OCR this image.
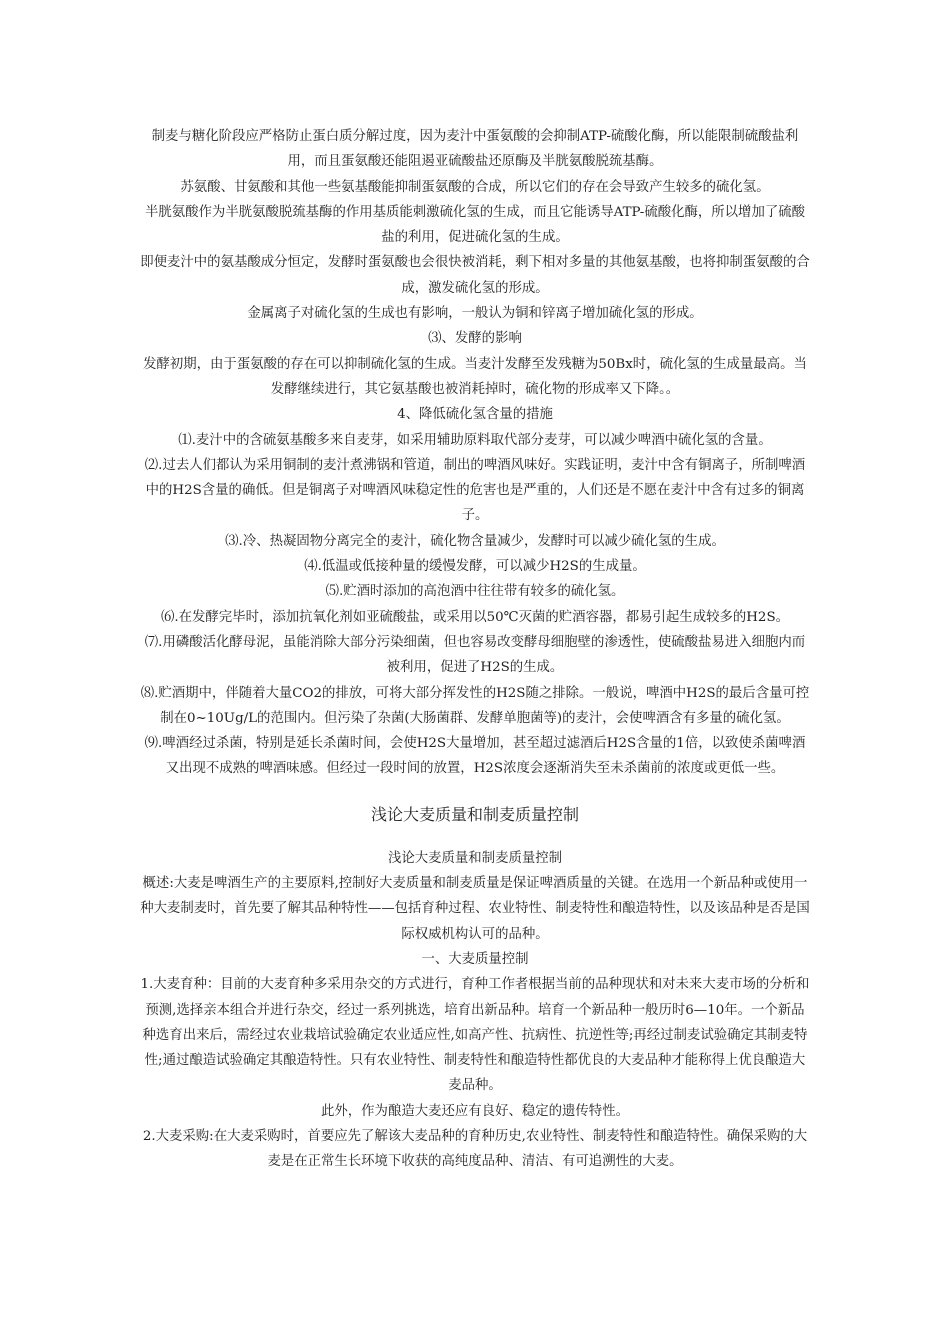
制麦与糖化阶段应严格防止蛋白质分解过度，因为麦汁中蛋氨酸的会抑制ATP-硫酸化酶，所以能限制硫酸盐利用，而且蛋氨酸还能阻遏亚硫酸盐还原酶及半胱氨酸脱巯基酶。

苏氨酸、甘氨酸和其他一些氨基酸能抑制蛋氨酸的合成，所以它们的存在会导致产生较多的硫化氢。

半胱氨酸作为半胱氨酸脱巯基酶的作用基质能刺激硫化氢的生成，而且它能诱导ATP-硫酸化酶，所以增加了硫酸盐的利用，促进硫化氢的生成。

即便麦汁中的氨基酸成分恒定，发酵时蛋氨酸也会很快被消耗，剩下相对多量的其他氨基酸，也将抑制蛋氨酸的合成，激发硫化氢的形成。

金属离子对硫化氢的生成也有影响，一般认为铜和锌离子增加硫化氢的形成。

⑶、发酵的影响

发酵初期，由于蛋氨酸的存在可以抑制硫化氢的生成。当麦汁发酵至发残糖为50Bx时，硫化氢的生成量最高。当发酵继续进行，其它氨基酸也被消耗掉时，硫化物的形成率又下降。。

4、降低硫化氢含量的措施

⑴.麦汁中的含硫氨基酸多来自麦芽，如采用辅助原料取代部分麦芽，可以减少啤酒中硫化氢的含量。

⑵.过去人们都认为采用铜制的麦汁煮沸锅和管道，制出的啤酒风味好。实践证明，麦汁中含有铜离子，所制啤酒中的H2S含量的确低。但是铜离子对啤酒风味稳定性的危害也是严重的，人们还是不愿在麦汁中含有过多的铜离子。

⑶.冷、热凝固物分离完全的麦汁，硫化物含量减少，发酵时可以减少硫化氢的生成。

⑷.低温或低接种量的缓慢发酵，可以减少H2S的生成量。

⑸.贮酒时添加的高泡酒中往往带有较多的硫化氢。

⑹.在发酵完毕时，添加抗氧化剂如亚硫酸盐，或采用以50℃灭菌的贮酒容器，都易引起生成较多的H2S。

⑺.用磷酸活化酵母泥，虽能消除大部分污染细菌，但也容易改变酵母细胞壁的渗透性，使硫酸盐易进入细胞内而被利用，促进了H2S的生成。

⑻.贮酒期中，伴随着大量CO2的排放，可将大部分挥发性的H2S随之排除。一般说，啤酒中H2S的最后含量可控制在0~10Ug/L的范围内。但污染了杂菌(大肠菌群、发酵单胞菌等)的麦汁，会使啤酒含有多量的硫化氢。

⑼.啤酒经过杀菌，特别是延长杀菌时间，会使H2S大量增加，甚至超过滤酒后H2S含量的1倍，以致使杀菌啤酒又出现不成熟的啤酒味感。但经过一段时间的放置，H2S浓度会逐渐消失至未杀菌前的浓度或更低一些。

浅论大麦质量和制麦质量控制

浅论大麦质量和制麦质量控制

概述:大麦是啤酒生产的主要原料,控制好大麦质量和制麦质量是保证啤酒质量的关键。在选用一个新品种或使用一种大麦制麦时，首先要了解其品种特性——包括育种过程、农业特性、制麦特性和酿造特性，以及该品种是否是国际权威机构认可的品种。

一、大麦质量控制

1.大麦育种：目前的大麦育种多采用杂交的方式进行，育种工作者根据当前的品种现状和对未来大麦市场的分析和预测,选择亲本组合并进行杂交，经过一系列挑选，培育出新品种。培育一个新品种一般历时6—10年。一个新品种选育出来后，需经过农业栽培试验确定农业适应性,如高产性、抗病性、抗逆性等;再经过制麦试验确定其制麦特性;通过酿造试验确定其酿造特性。只有农业特性、制麦特性和酿造特性都优良的大麦品种才能称得上优良酿造大麦品种。

此外，作为酿造大麦还应有良好、稳定的遗传特性。

2.大麦采购:在大麦采购时，首要应先了解该大麦品种的育种历史,农业特性、制麦特性和酿造特性。确保采购的大麦是在正常生长环境下收获的高纯度品种、清洁、有可追溯性的大麦。
